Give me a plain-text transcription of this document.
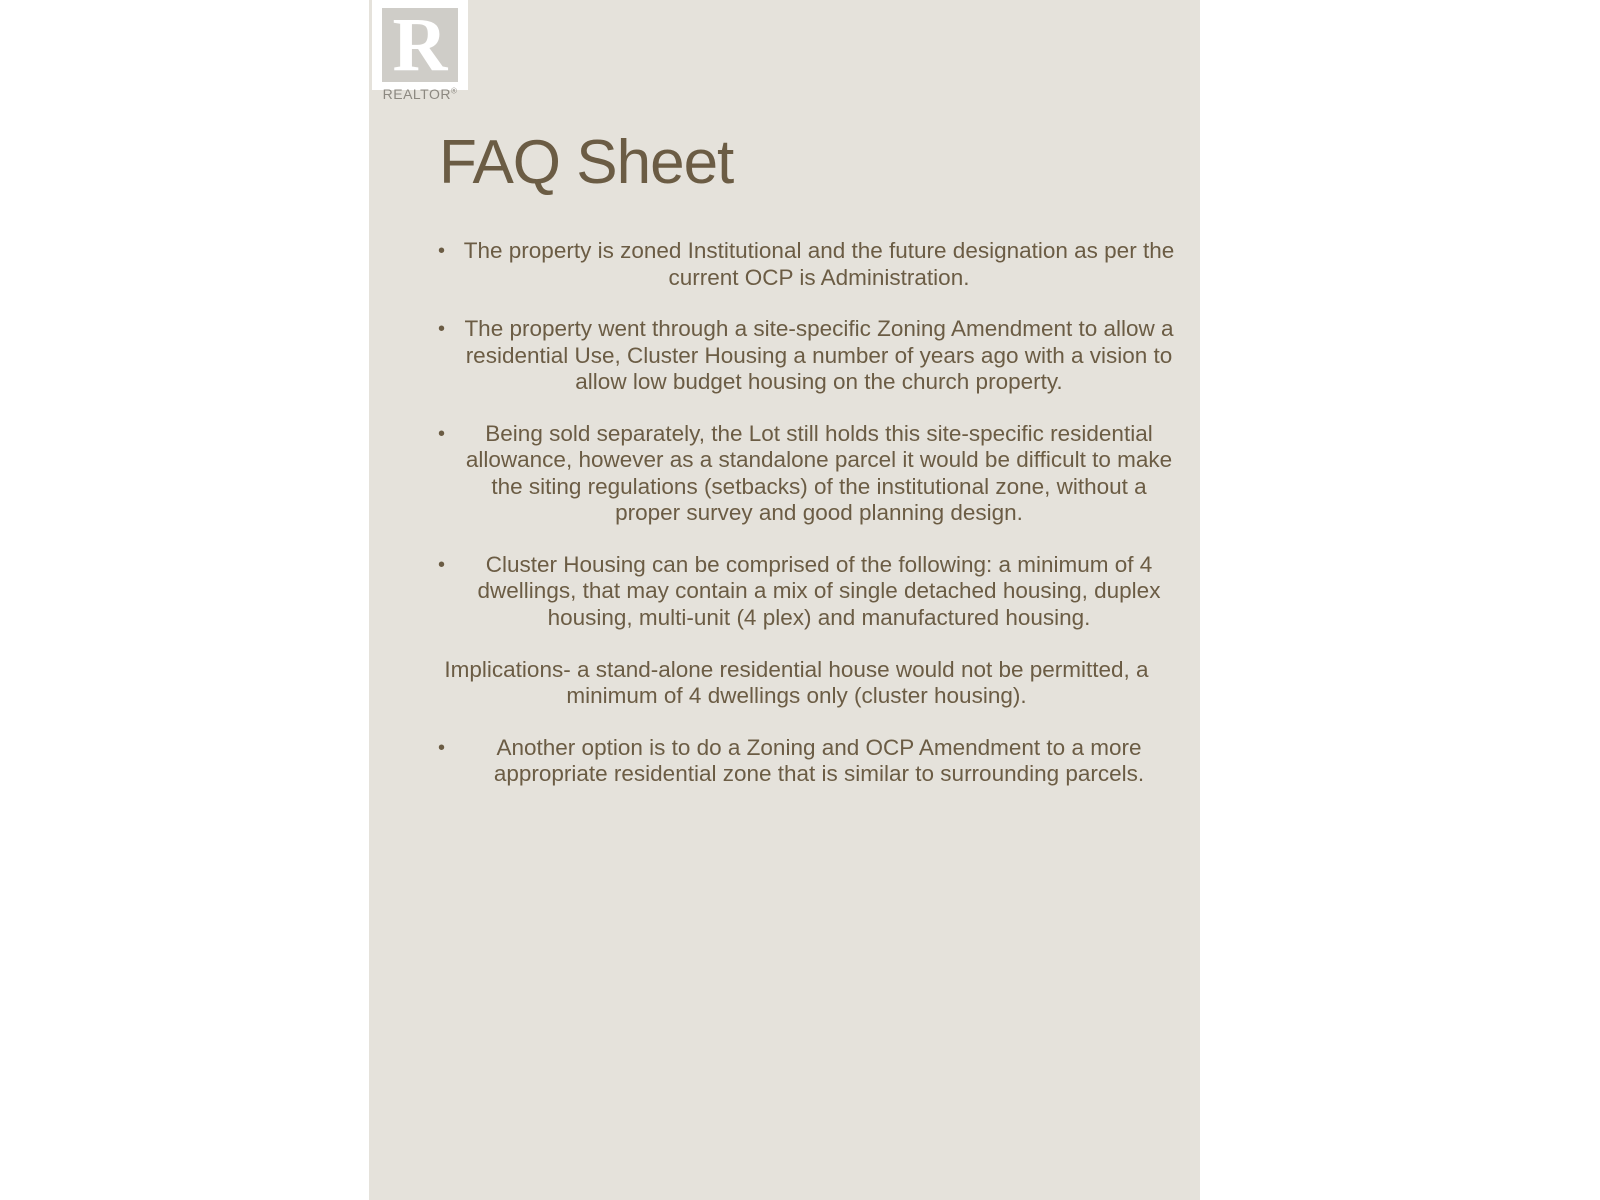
R
REALTOR®
FAQ Sheet
• The property is zoned Institutional and the future designation as per the current OCP is Administration.
• The property went through a site-specific Zoning Amendment to allow a residential Use, Cluster Housing a number of years ago with a vision to allow low budget housing on the church property.
• Being sold separately, the Lot still holds this site-specific residential allowance, however as a standalone parcel it would be difficult to make the siting regulations (setbacks) of the institutional zone, without a proper survey and good planning design.
• Cluster Housing can be comprised of the following: a minimum of 4 dwellings, that may contain a mix of single detached housing, duplex housing, multi-unit (4 plex) and manufactured housing.

Implications- a stand-alone residential house would not be permitted, a minimum of 4 dwellings only (cluster housing).

• Another option is to do a Zoning and OCP Amendment to a more appropriate residential zone that is similar to surrounding parcels.
